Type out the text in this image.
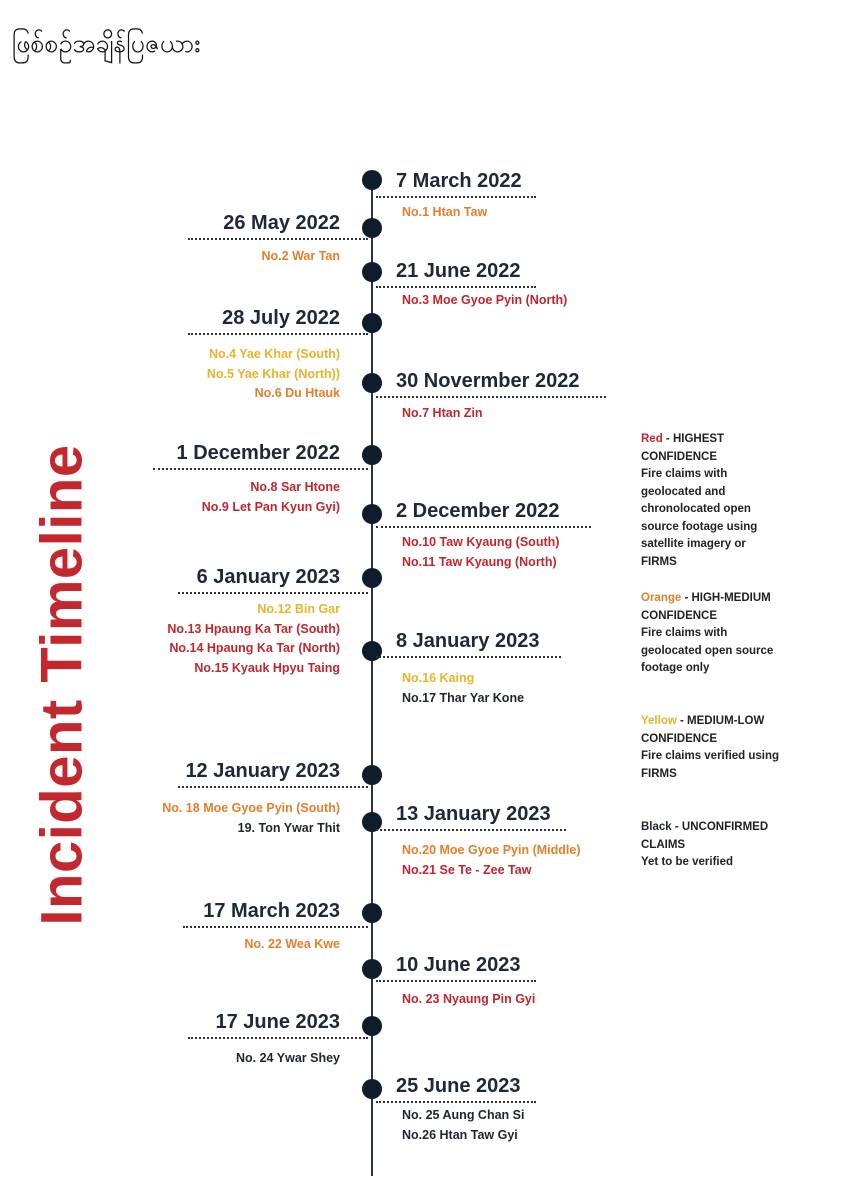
ဖြစ်စဉ်အချိန်ပြဇယား
Incident Timeline
7 March 2022
No.1 Htan Taw
26 May 2022
No.2 War Tan
21 June 2022
No.3 Moe Gyoe Pyin (North)
28 July 2022
No.4 Yae Khar (South)
No.5 Yae Khar (North))
No.6 Du Htauk
30 Novermber 2022
No.7 Htan Zin
1 December 2022
No.8 Sar Htone
No.9 Let Pan Kyun Gyi)	2 December 2022
No.10 Taw Kyaung (South)
No.11 Taw Kyaung (North)
6 January 2023
No.12 Bin Gar
No.13 Hpaung Ka Tar (South)
No.14 Hpaung Ka Tar (North)
No.15 Kyauk Hpyu Taing
8 January 2023
No.16 Kaing
No.17 Thar Yar Kone
12 January 2023
No. 18 Moe Gyoe Pyin (South)
19. Ton Ywar Thit
13 January 2023
No.20 Moe Gyoe Pyin (Middle)
No.21 Se Te - Zee Taw
17 March 2023
No. 22 Wea Kwe
10 June 2023
No. 23 Nyaung Pin Gyi
17 June 2023
No. 24 Ywar Shey
25 June 2023
No. 25 Aung Chan Si
No.26 Htan Taw Gyi
Red - HIGHEST
CONFIDENCE
Fire claims with
geolocated and
chronolocated open
source footage using
satellite imagery or
FIRMS
Orange - HIGH-MEDIUM
CONFIDENCE
Fire claims with
geolocated open source
footage only
Yellow - MEDIUM-LOW
CONFIDENCE
Fire claims verified using
FIRMS
Black - UNCONFIRMED
CLAIMS
Yet to be verified
